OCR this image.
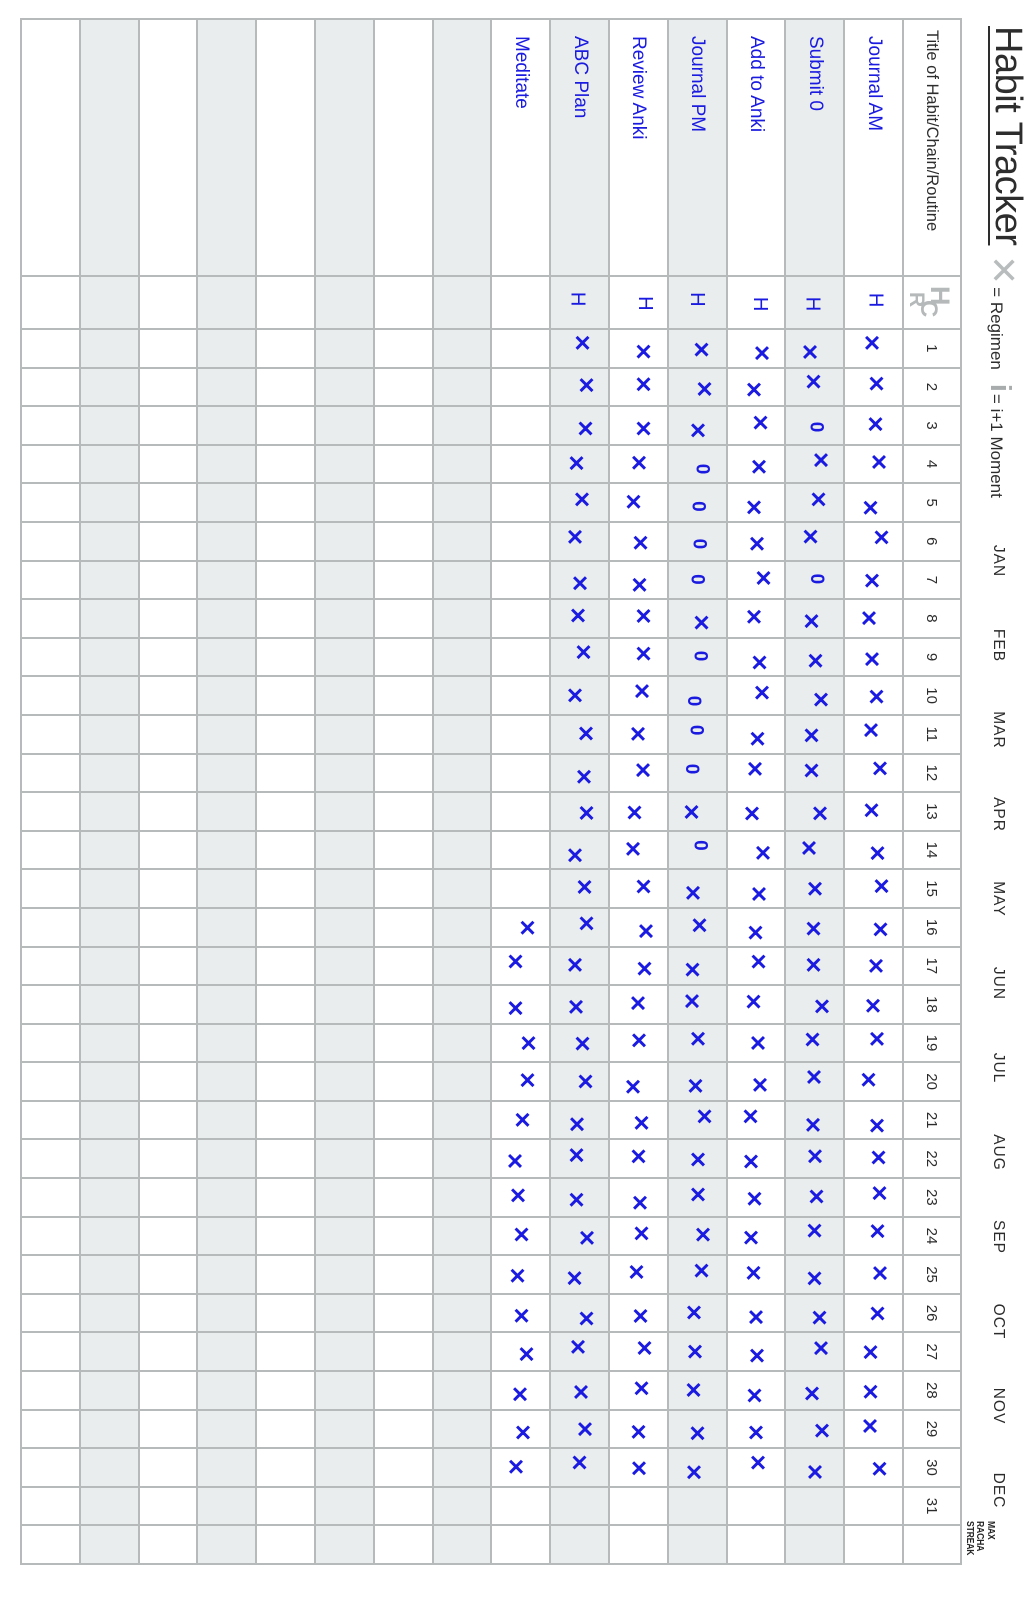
Habit Tracker
✕
= Regimen
i
= i+1 Moment
JAN
FEB
MAR
APR
MAY
JUN
JUL
AUG
SEP
OCT
NOV
DEC
MAX
RACHA
STREAK
Title of Habit/Chain/Routine
H
C
R
1
2
3
4
5
6
7
8
9
10
11
12
13
14
15
16
17
18
19
20
21
22
23
24
25
26
27
28
29
30
31
Journal AM
H
✕
✕
✕
✕
✕
✕
✕
✕
✕
✕
✕
✕
✕
✕
✕
✕
✕
✕
✕
✕
✕
✕
✕
✕
✕
✕
✕
✕
✕
✕
Submit 0
H
✕
✕
0
✕
✕
✕
0
✕
✕
✕
✕
✕
✕
✕
✕
✕
✕
✕
✕
✕
✕
✕
✕
✕
✕
✕
✕
✕
✕
✕
Add to Anki
H
✕
✕
✕
✕
✕
✕
✕
✕
✕
✕
✕
✕
✕
✕
✕
✕
✕
✕
✕
✕
✕
✕
✕
✕
✕
✕
✕
✕
✕
✕
Journal PM
H
✕
✕
✕
0
0
0
0
✕
0
0
0
0
✕
0
✕
✕
✕
✕
✕
✕
✕
✕
✕
✕
✕
✕
✕
✕
✕
✕
Review Anki
H
✕
✕
✕
✕
✕
✕
✕
✕
✕
✕
✕
✕
✕
✕
✕
✕
✕
✕
✕
✕
✕
✕
✕
✕
✕
✕
✕
✕
✕
✕
ABC Plan
H
✕
✕
✕
✕
✕
✕
✕
✕
✕
✕
✕
✕
✕
✕
✕
✕
✕
✕
✕
✕
✕
✕
✕
✕
✕
✕
✕
✕
✕
✕
Meditate
✕
✕
✕
✕
✕
✕
✕
✕
✕
✕
✕
✕
✕
✕
✕
